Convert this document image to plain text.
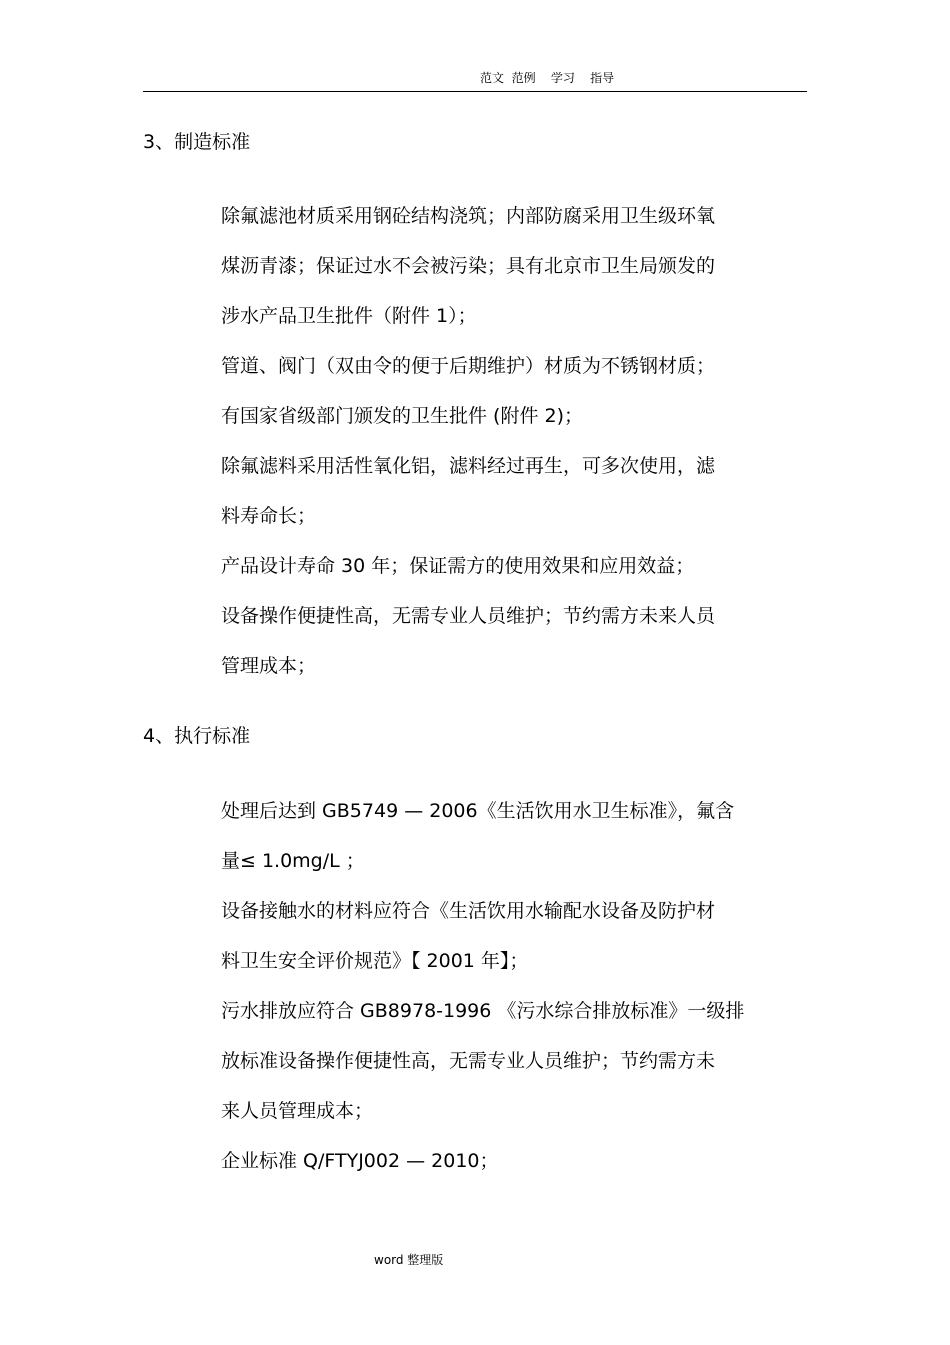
范文  范例    学习    指导
3、制造标准
除氟滤池材质采用钢砼结构浇筑；内部防腐采用卫生级环氧
煤沥青漆；保证过水不会被污染；具有北京市卫生局颁发的
涉水产品卫生批件（附件 1）；
管道、阀门（双由令的便于后期维护）材质为不锈钢材质；
有国家省级部门颁发的卫生批件 (附件 2)；
除氟滤料采用活性氧化铝，滤料经过再生，可多次使用，滤
料寿命长；
产品设计寿命 30 年；保证需方的使用效果和应用效益；
设备操作便捷性高，无需专业人员维护；节约需方未来人员
管理成本；
4、执行标准
处理后达到 GB5749 — 2006《生活饮用水卫生标准》，氟含
量≤ 1.0mg/L ；
设备接触水的材料应符合《生活饮用水输配水设备及防护材
料卫生安全评价规范》【 2001 年】；
污水排放应符合 GB8978-1996 《污水综合排放标准》一级排
放标准设备操作便捷性高，无需专业人员维护；节约需方未
来人员管理成本；
企业标准 Q/FTYJ002 — 2010；
word 整理版
